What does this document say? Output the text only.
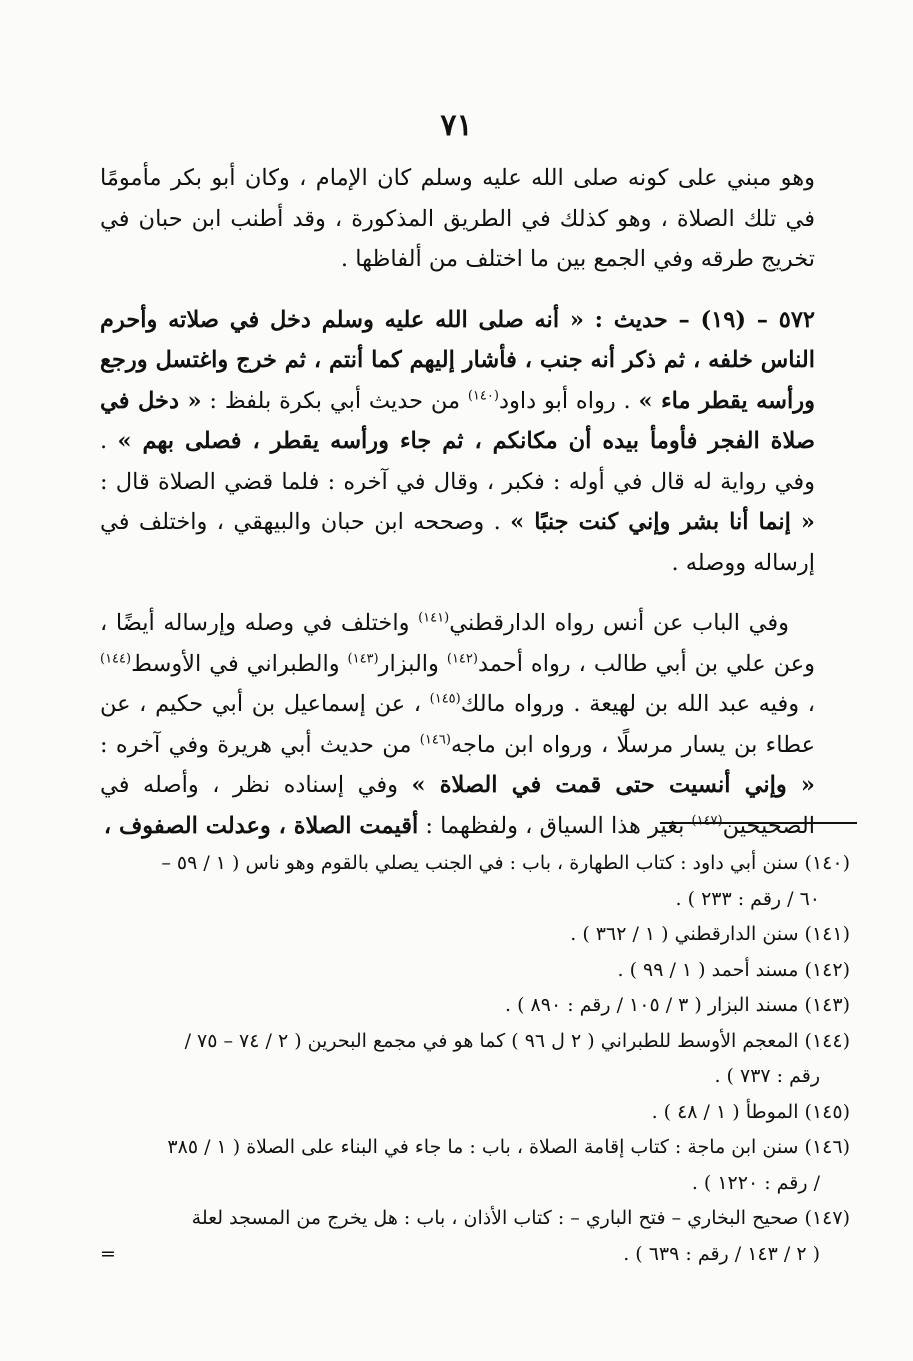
٧١

وهو مبني على كونه صلى الله عليه وسلم كان الإمام ، وكان أبو بكر مأمومًا في تلك الصلاة ، وهو كذلك في الطريق المذكورة ، وقد أطنب ابن حبان في تخريج طرقه وفي الجمع بين ما اختلف من ألفاظها .

٥٧٢ – (١٩) – حديث : « أنه صلى الله عليه وسلم دخل في صلاته وأحرم الناس خلفه ، ثم ذكر أنه جنب ، فأشار إليهم كما أنتم ، ثم خرج واغتسل ورجع ورأسه يقطر ماء » . رواه أبو داود$^{(١٤٠)}$ من حديث أبي بكرة بلفظ : « دخل في صلاة الفجر فأومأ بيده أن مكانكم ، ثم جاء ورأسه يقطر ، فصلى بهم » . وفي رواية له قال في أوله : فكبر ، وقال في آخره : فلما قضي الصلاة قال : « إنما أنا بشر وإني كنت جنبًا » . وصححه ابن حبان والبيهقي ، واختلف في إرساله ووصله .

وفي الباب عن أنس رواه الدارقطني$^{(١٤١)}$ واختلف في وصله وإرساله أيضًا ، وعن علي بن أبي طالب ، رواه أحمد$^{(١٤٢)}$ والبزار$^{(١٤٣)}$ والطبراني في الأوسط$^{(١٤٤)}$ ، وفيه عبد الله بن لهيعة . ورواه مالك$^{(١٤٥)}$ ، عن إسماعيل بن أبي حكيم ، عن عطاء بن يسار مرسلًا ، ورواه ابن ماجه$^{(١٤٦)}$ من حديث أبي هريرة وفي آخره : « وإني أنسيت حتى قمت في الصلاة » وفي إسناده نظر ، وأصله في الصحيحين$^{(١٤٧)}$ بغير هذا السياق ، ولفظهما : أقيمت الصلاة ، وعدلت الصفوف ،

(١٤٠) سنن أبي داود : كتاب الطهارة ، باب : في الجنب يصلي بالقوم وهو ناس ( ١ / ٥٩ –
٦٠ / رقم : ٢٣٣ ) .
(١٤١) سنن الدارقطني ( ١ / ٣٦٢ ) .
(١٤٢) مسند أحمد ( ١ / ٩٩ ) .
(١٤٣) مسند البزار ( ٣ / ١٠٥ / رقم : ٨٩٠ ) .
(١٤٤) المعجم الأوسط للطبراني ( ٢ ل ٩٦ ) كما هو في مجمع البحرين ( ٢ / ٧٤ – ٧٥ /
رقم : ٧٣٧ ) .
(١٤٥) الموطأ ( ١ / ٤٨ ) .
(١٤٦) سنن ابن ماجة : كتاب إقامة الصلاة ، باب : ما جاء في البناء على الصلاة ( ١ / ٣٨٥
/ رقم : ١٢٢٠ ) .
(١٤٧) صحيح البخاري – فتح الباري – : كتاب الأذان ، باب : هل يخرج من المسجد لعلة
( ٢ / ١٤٣ / رقم : ٦٣٩ ) .
=
